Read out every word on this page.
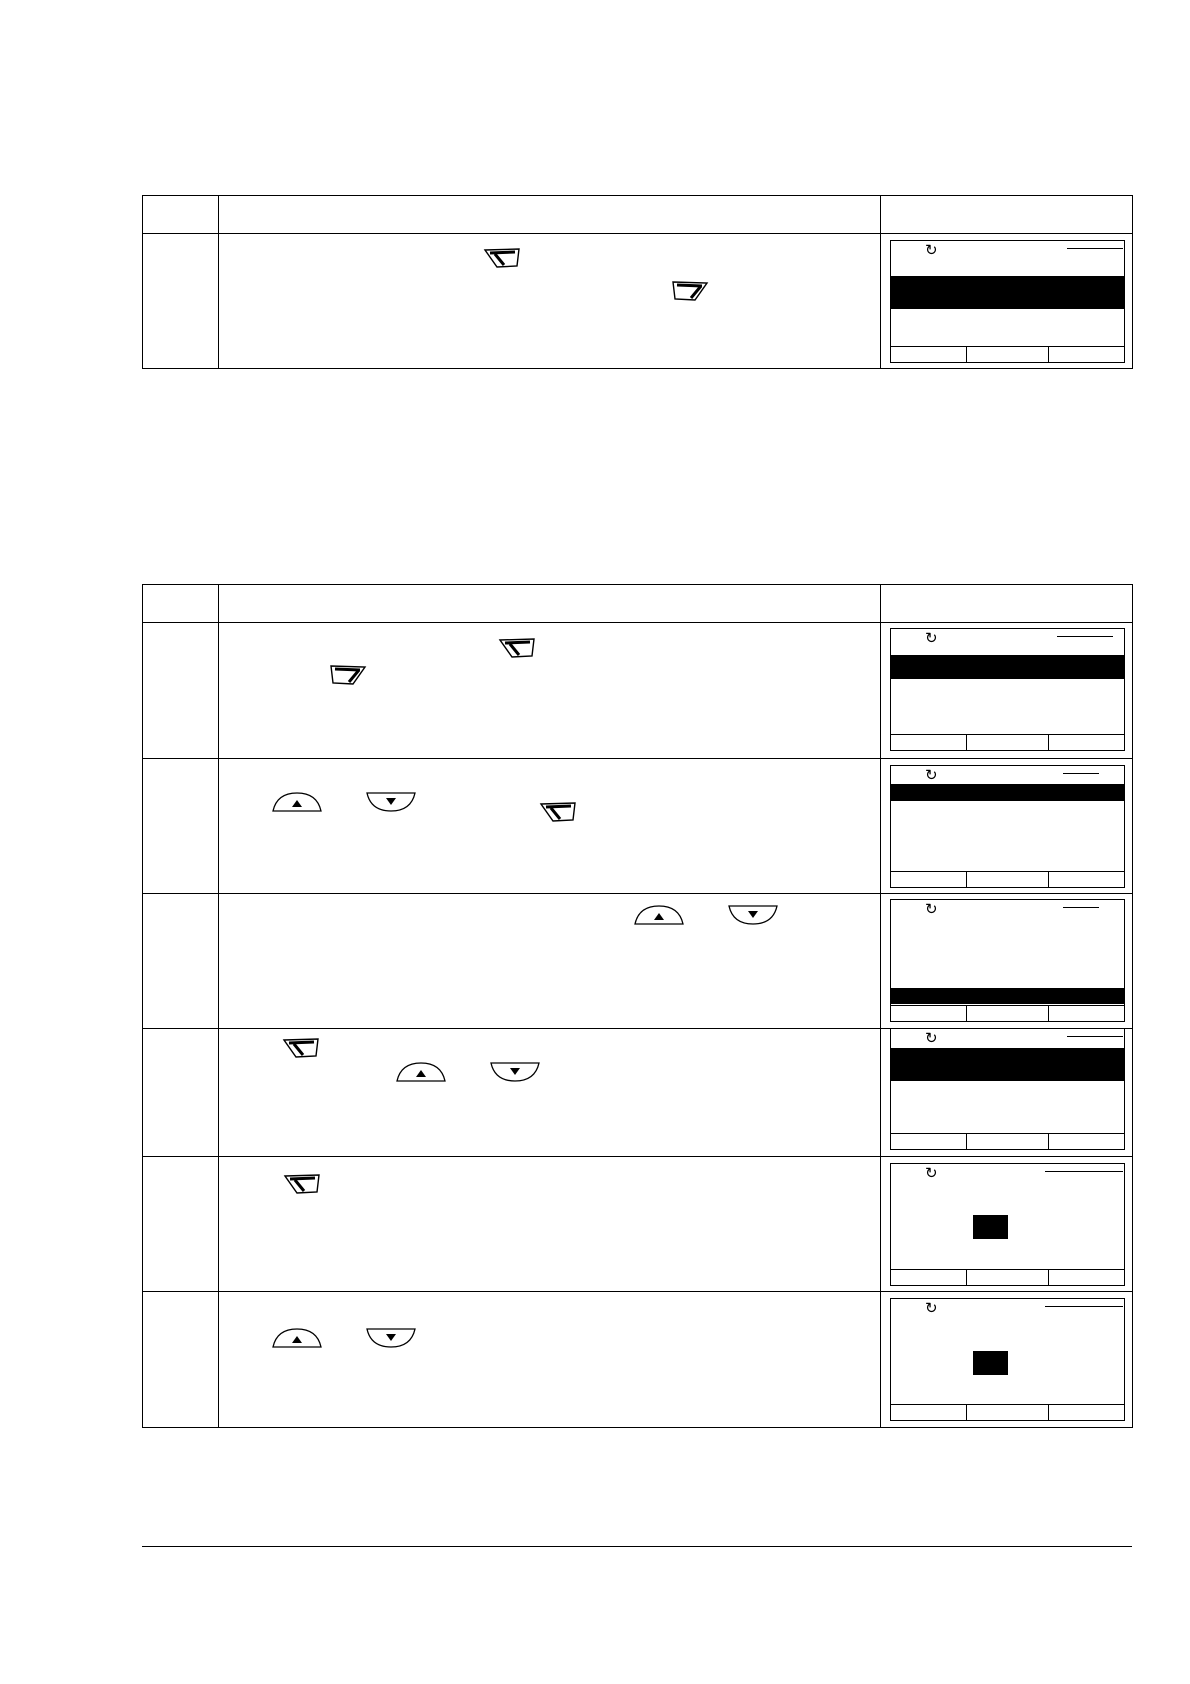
↻
↻
↻
↻
↻
↻
↻
